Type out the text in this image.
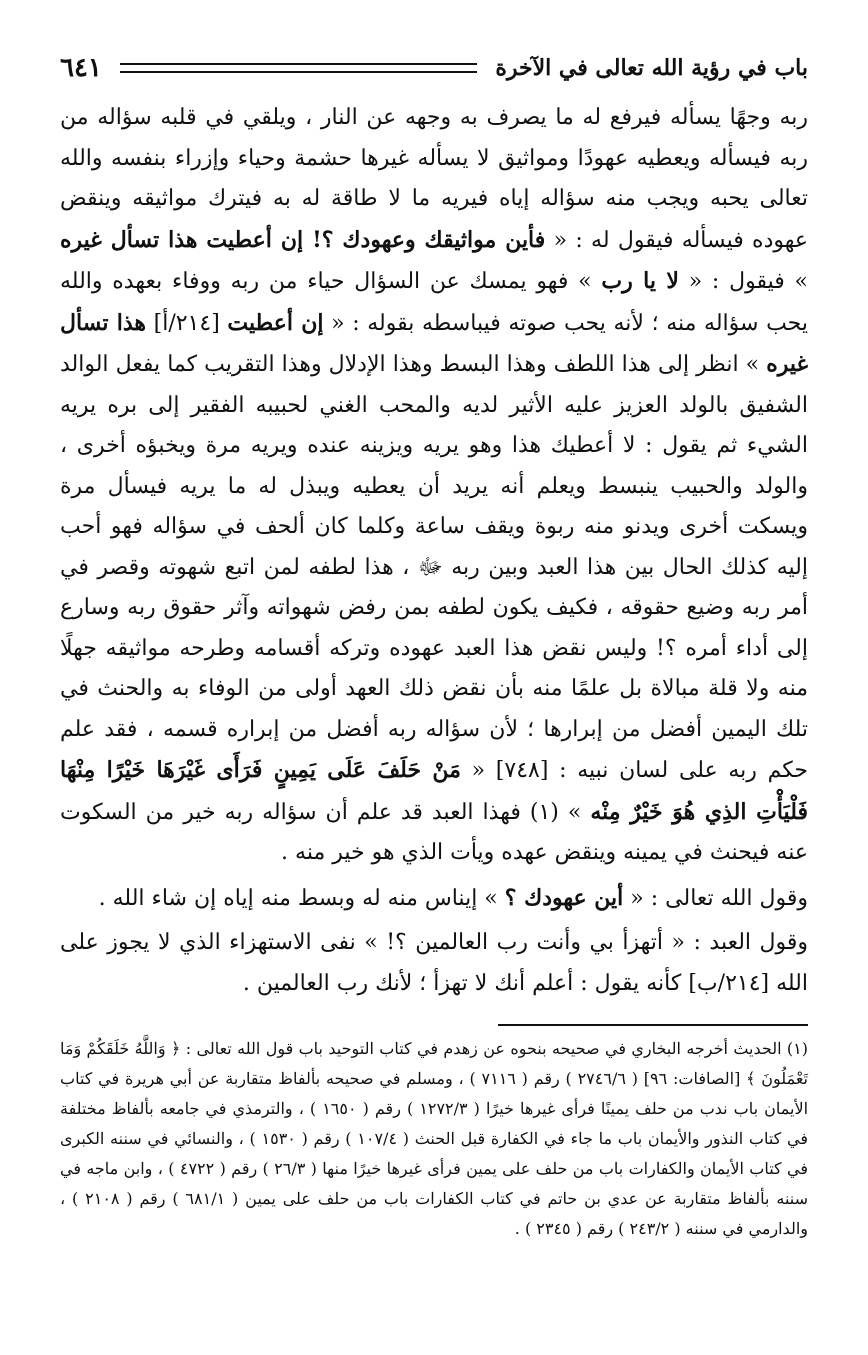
باب في رؤية الله تعالى في الآخرة
٦٤١

ربه وجهًا يسأله فيرفع له ما يصرف به وجهه عن النار ، ويلقي في قلبه سؤاله من ربه فيسأله ويعطيه عهودًا ومواثيق لا يسأله غيرها حشمة وحياء وإزراء بنفسه والله تعالى يحبه ويجب منه سؤاله إياه فيريه ما لا طاقة له به فيترك مواثيقه وينقض عهوده فيسأله فيقول له : « فأين مواثيقك وعهودك ؟! إن أعطيت هذا تسأل غيره » فيقول : « لا يا رب » فهو يمسك عن السؤال حياء من ربه ووفاء بعهده والله يحب سؤاله منه ؛ لأنه يحب صوته فيباسطه بقوله : « إن أعطيت [٢١٤/أ] هذا تسأل غيره » انظر إلى هذا اللطف وهذا البسط وهذا الإدلال وهذا التقريب كما يفعل الوالد الشفيق بالولد العزيز عليه الأثير لديه والمحب الغني لحبيبه الفقير إلى بره يريه الشيء ثم يقول : لا أعطيك هذا وهو يريه ويزينه عنده ويريه مرة ويخبؤه أخرى ، والولد والحبيب ينبسط ويعلم أنه يريد أن يعطيه ويبذل له ما يريه فيسأل مرة ويسكت أخرى ويدنو منه ربوة ويقف ساعة وكلما كان ألحف في سؤاله فهو أحب إليه كذلك الحال بين هذا العبد وبين ربه ﷻ ، هذا لطفه لمن اتبع شهوته وقصر في أمر ربه وضيع حقوقه ، فكيف يكون لطفه بمن رفض شهواته وآثر حقوق ربه وسارع إلى أداء أمره ؟! وليس نقض هذا العبد عهوده وتركه أقسامه وطرحه مواثيقه جهلًا منه ولا قلة مبالاة بل علمًا منه بأن نقض ذلك العهد أولى من الوفاء به والحنث في تلك اليمين أفضل من إبرارها ؛ لأن سؤاله ربه أفضل من إبراره قسمه ، فقد علم حكم ربه على لسان نبيه : [٧٤٨] « مَنْ حَلَفَ عَلَى يَمِينٍ فَرَأَى غَيْرَهَا خَيْرًا مِنْهَا فَلْيَأْتِ الذِي هُوَ خَيْرٌ مِنْه » (١) فهذا العبد قد علم أن سؤاله ربه خير من السكوت عنه فيحنث في يمينه وينقض عهده ويأت الذي هو خير منه .

وقول الله تعالى : « أين عهودك ؟ » إيناس منه له وبسط منه إياه إن شاء الله .

وقول العبد : « أتهزأ بي وأنت رب العالمين ؟! » نفى الاستهزاء الذي لا يجوز على الله [٢١٤/ب] كأنه يقول : أعلم أنك لا تهزأ ؛ لأنك رب العالمين .

(١) الحديث أخرجه البخاري في صحيحه بنحوه عن زهدم في كتاب التوحيد باب قول الله تعالى : ﴿ وَاللَّهُ خَلَقَكُمْ وَمَا تَعْمَلُونَ ﴾ [الصافات: ٩٦] ( ٢٧٤٦/٦ ) رقم ( ٧١١٦ ) ، ومسلم في صحيحه بألفاظ متقاربة عن أبي هريرة في كتاب الأيمان باب ندب من حلف يمينًا فرأى غيرها خيرًا ( ١٢٧٢/٣ ) رقم ( ١٦٥٠ ) ، والترمذي في جامعه بألفاظ مختلفة في كتاب النذور والأيمان باب ما جاء في الكفارة قبل الحنث ( ١٠٧/٤ ) رقم ( ١٥٣٠ ) ، والنسائي في سننه الكبرى في كتاب الأيمان والكفارات باب من حلف على يمين فرأى غيرها خيرًا منها ( ٢٦/٣ ) رقم ( ٤٧٢٢ ) ، وابن ماجه في سننه بألفاظ متقاربة عن عدي بن حاتم في كتاب الكفارات باب من حلف على يمين ( ٦٨١/١ ) رقم ( ٢١٠٨ ) ، والدارمي في سننه ( ٢٤٣/٢ ) رقم ( ٢٣٤٥ ) .
